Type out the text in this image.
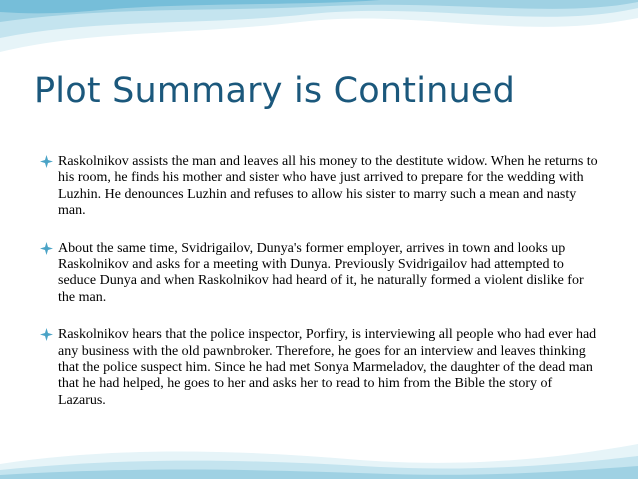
Plot Summary is Continued
Raskolnikov assists the man and leaves all his money to the destitute widow. When he returns to his room, he finds his mother and sister who have just arrived to prepare for the wedding with Luzhin. He denounces Luzhin and refuses to allow his sister to marry such a mean and nasty man.
About the same time, Svidrigailov, Dunya's former employer, arrives in town and looks up Raskolnikov and asks for a meeting with Dunya. Previously Svidrigailov had attempted to seduce Dunya and when Raskolnikov had heard of it, he naturally formed a violent dislike for the man.
Raskolnikov hears that the police inspector, Porfiry, is interviewing all people who had ever had any business with the old pawnbroker. Therefore, he goes for an interview and leaves thinking that the police suspect him. Since he had met Sonya Marmeladov, the daughter of the dead man that he had helped, he goes to her and asks her to read to him from the Bible the story of Lazarus.
